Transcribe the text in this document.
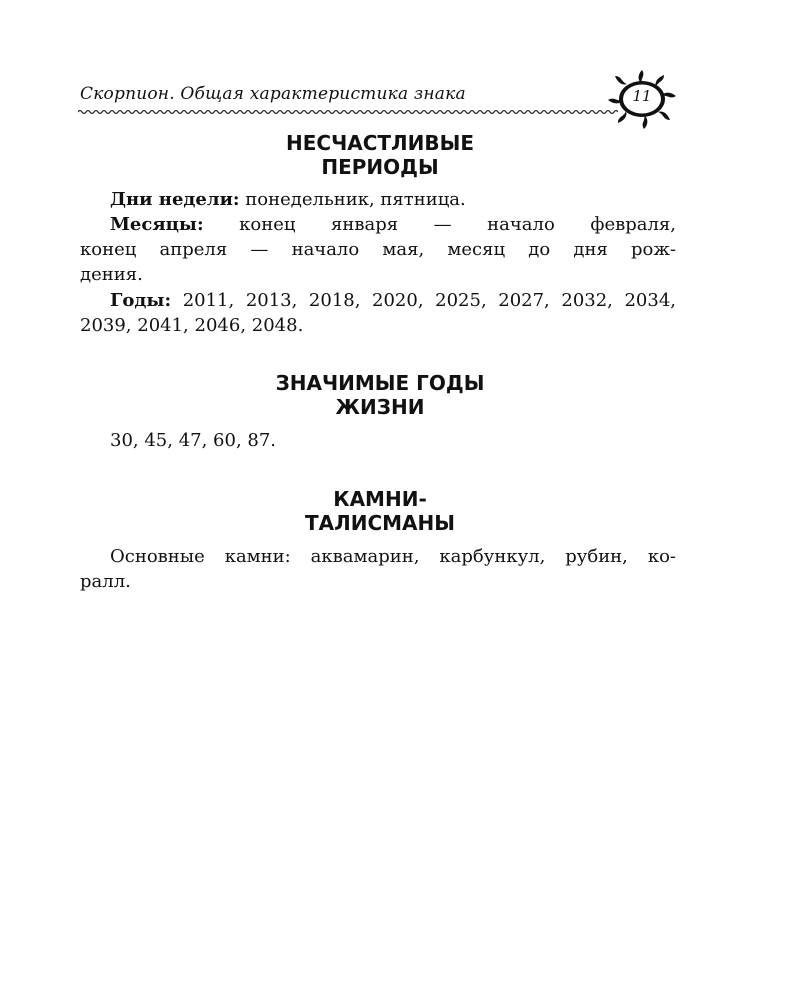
Скорпион. Общая характеристика знака	11
НЕСЧАСТЛИВЫЕ
ПЕРИОДЫ
Дни недели: понедельник, пятница.
Месяцы: конец января — начало февраля,
конец апреля — начало мая, месяц до дня рож-
дения.
Годы: 2011, 2013, 2018, 2020, 2025, 2027, 2032, 2034,
2039, 2041, 2046, 2048.
ЗНАЧИМЫЕ ГОДЫ
ЖИЗНИ
30, 45, 47, 60, 87.
КАМНИ-
ТАЛИСМАНЫ
Основные камни: аквамарин, карбункул, рубин, ко-
ралл.
